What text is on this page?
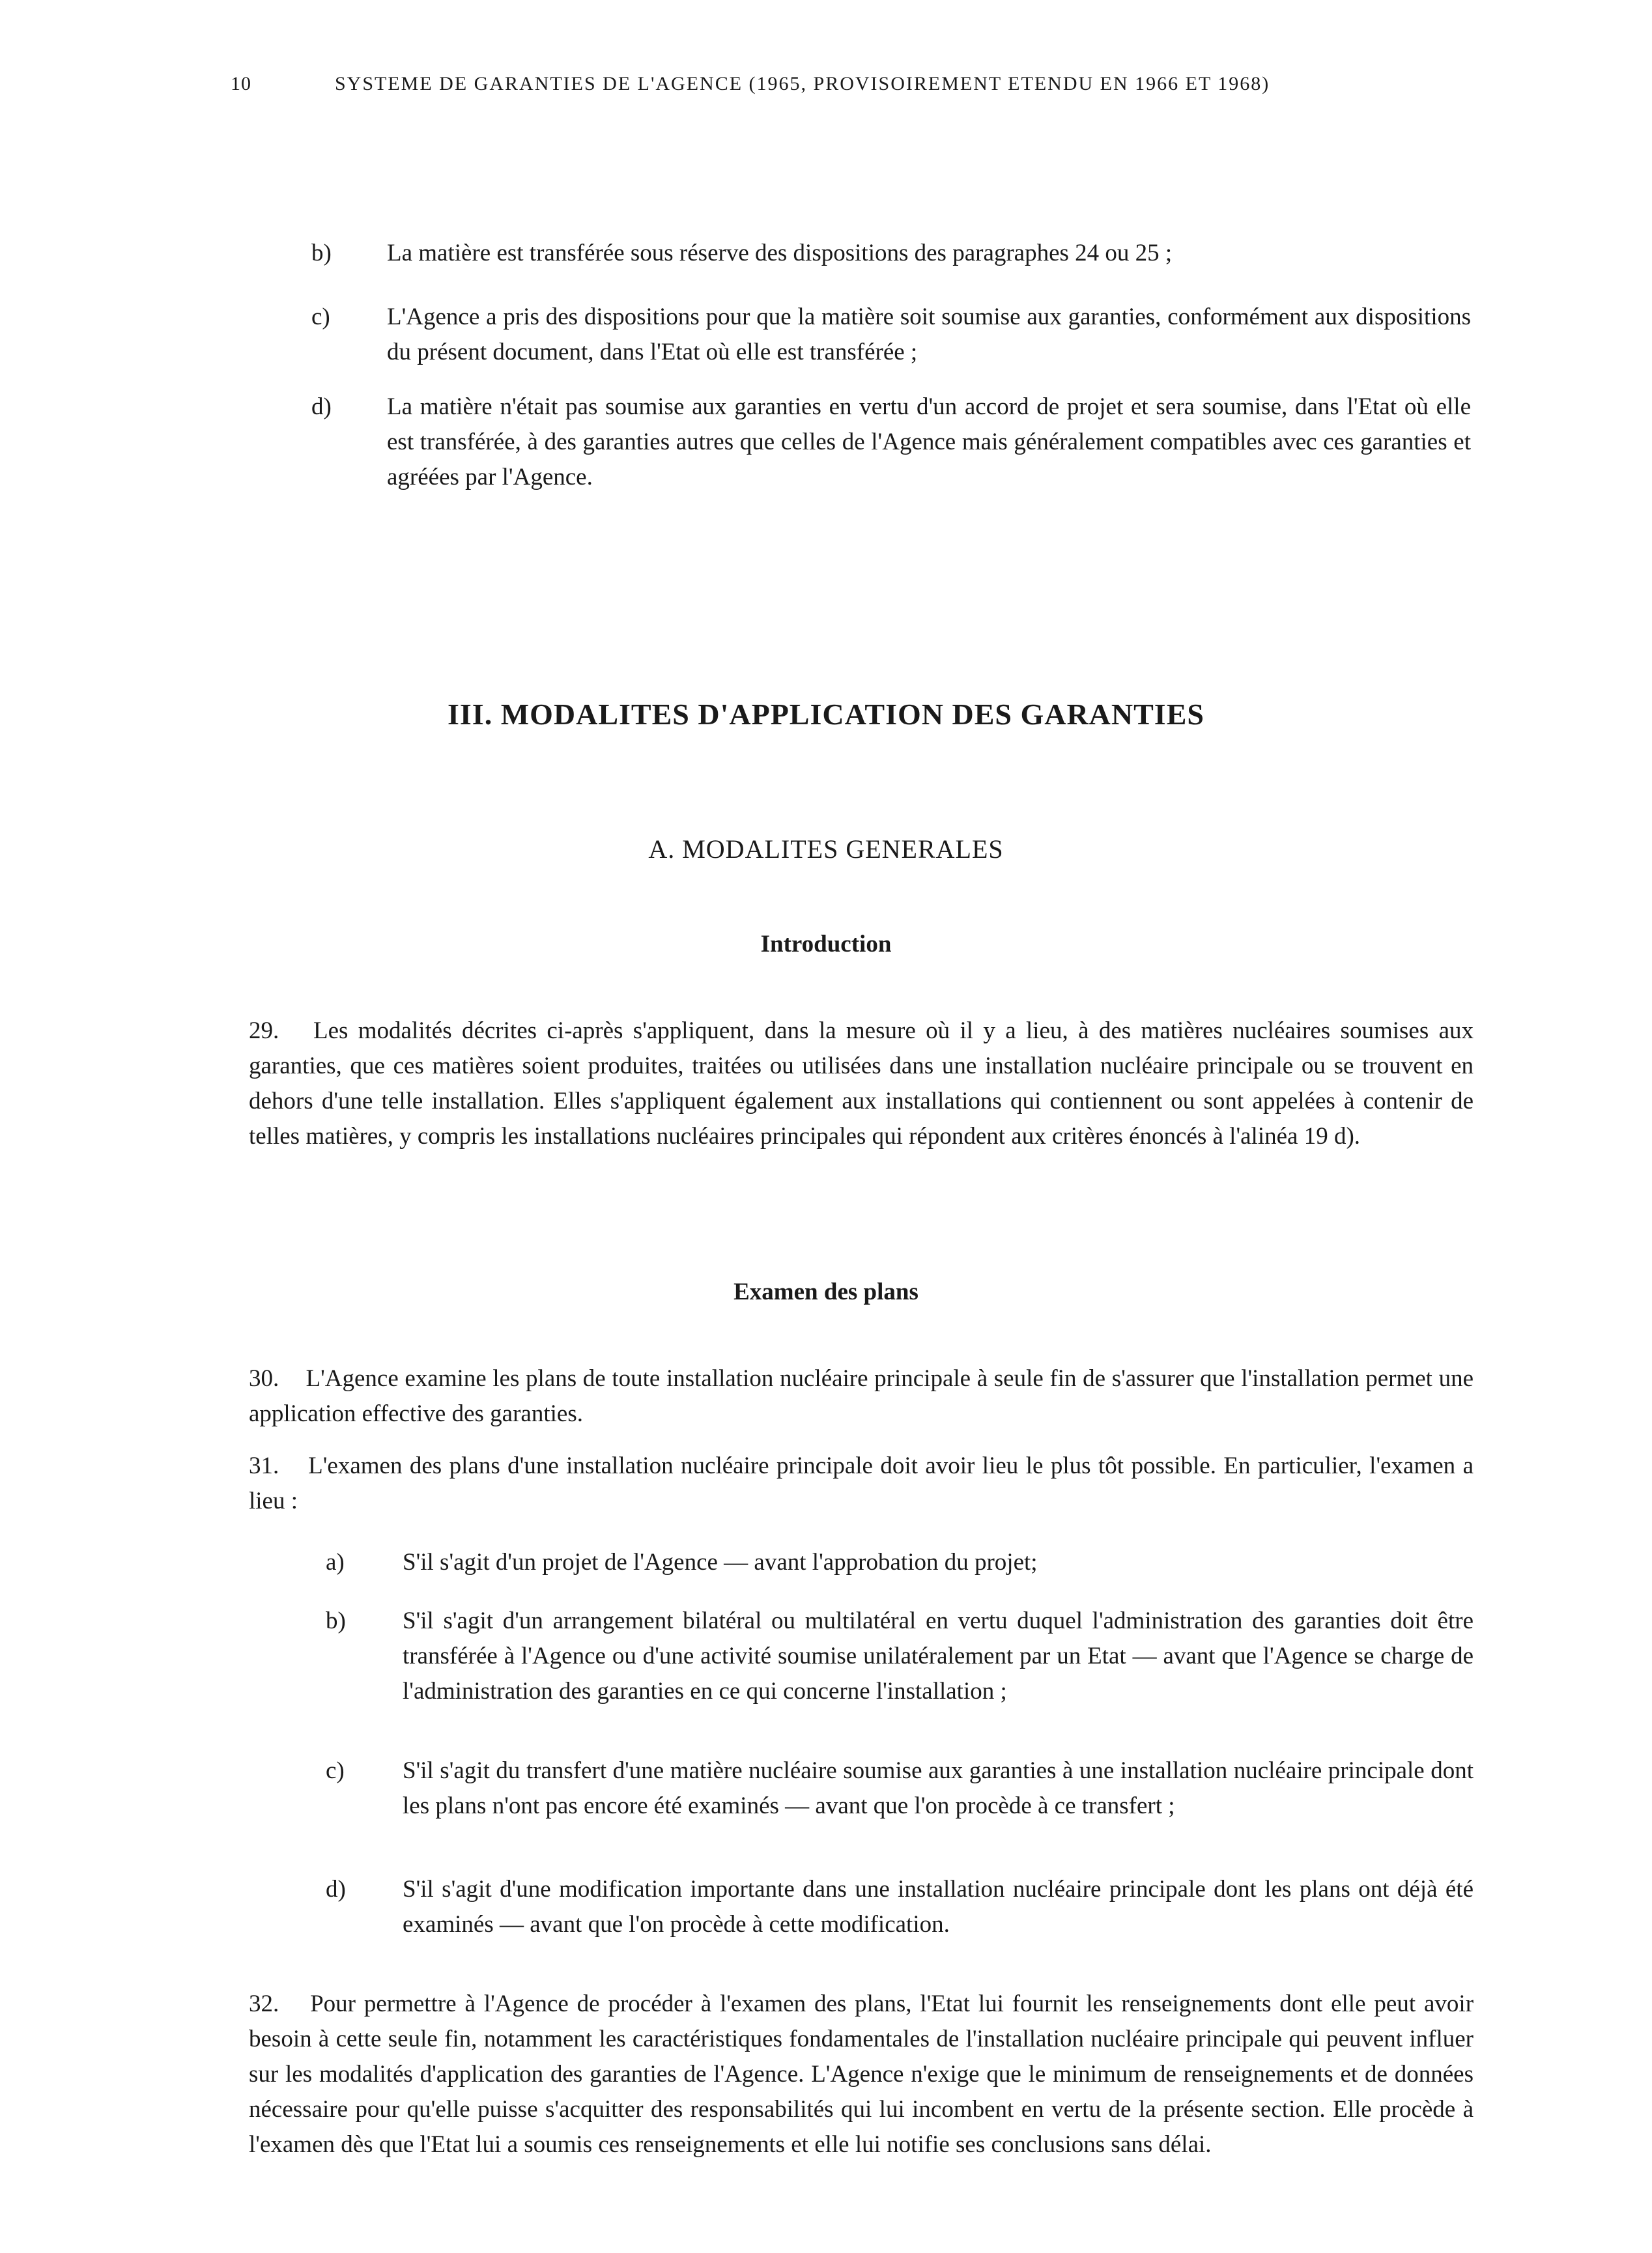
10	SYSTEME DE GARANTIES DE L'AGENCE (1965, PROVISOIREMENT ETENDU EN 1966 ET 1968)
b) La matière est transférée sous réserve des dispositions des paragraphes 24 ou 25 ;
c) L'Agence a pris des dispositions pour que la matière soit soumise aux garanties, conformément aux dispositions du présent document, dans l'Etat où elle est transférée ;
d) La matière n'était pas soumise aux garanties en vertu d'un accord de projet et sera soumise, dans l'Etat où elle est transférée, à des garanties autres que celles de l'Agence mais généralement compatibles avec ces garanties et agréées par l'Agence.
III. MODALITES D'APPLICATION DES GARANTIES
A. MODALITES GENERALES
Introduction
29. Les modalités décrites ci-après s'appliquent, dans la mesure où il y a lieu, à des matières nucléaires soumises aux garanties, que ces matières soient produites, traitées ou utilisées dans une installation nucléaire principale ou se trouvent en dehors d'une telle installation. Elles s'appliquent également aux installations qui contiennent ou sont appelées à contenir de telles matières, y compris les installations nucléaires principales qui répondent aux critères énoncés à l'alinéa 19 d).
Examen des plans
30. L'Agence examine les plans de toute installation nucléaire principale à seule fin de s'assurer que l'installation permet une application effective des garanties.
31. L'examen des plans d'une installation nucléaire principale doit avoir lieu le plus tôt possible. En particulier, l'examen a lieu :
a) S'il s'agit d'un projet de l'Agence — avant l'approbation du projet;
b) S'il s'agit d'un arrangement bilatéral ou multilatéral en vertu duquel l'administration des garanties doit être transférée à l'Agence ou d'une activité soumise unilatéralement par un Etat — avant que l'Agence se charge de l'administration des garanties en ce qui concerne l'installation ;
c) S'il s'agit du transfert d'une matière nucléaire soumise aux garanties à une installation nucléaire principale dont les plans n'ont pas encore été examinés — avant que l'on procède à ce transfert ;
d) S'il s'agit d'une modification importante dans une installation nucléaire principale dont les plans ont déjà été examinés — avant que l'on procède à cette modification.
32. Pour permettre à l'Agence de procéder à l'examen des plans, l'Etat lui fournit les renseignements dont elle peut avoir besoin à cette seule fin, notamment les caractéristiques fondamentales de l'installation nucléaire principale qui peuvent influer sur les modalités d'application des garanties de l'Agence. L'Agence n'exige que le minimum de renseignements et de données nécessaire pour qu'elle puisse s'acquitter des responsabilités qui lui incombent en vertu de la présente section. Elle procède à l'examen dès que l'Etat lui a soumis ces renseignements et elle lui notifie ses conclusions sans délai.
